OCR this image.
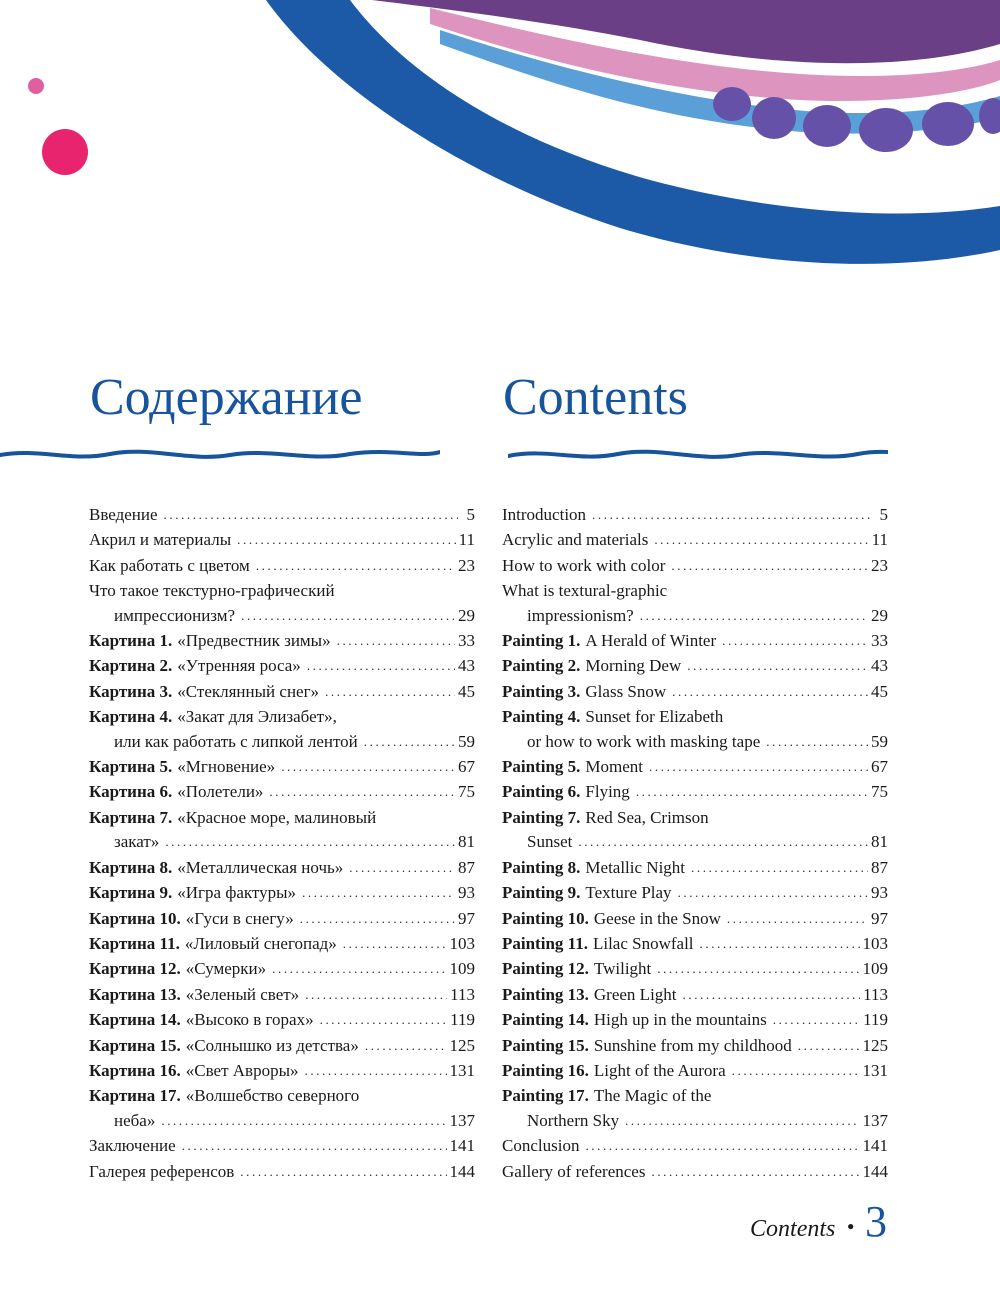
Содержание	Contents
Введение .....	5
Акрил и материалы .....	11
Как работать с цветом .....	23
Что такое текстурно-графический
импрессионизм? .....	29
Картина 1. «Предвестник зимы» .....	33
Картина 2. «Утренняя роса» .....	43
Картина 3. «Стеклянный снег» .....	45
Картина 4. «Закат для Элизабет»,
или как работать с липкой лентой .....	59
Картина 5. «Мгновение» .....	67
Картина 6. «Полетели» .....	75
Картина 7. «Красное море, малиновый
закат» .....	81
Картина 8. «Металлическая ночь» .....	87
Картина 9. «Игра фактуры» .....	93
Картина 10. «Гуси в снегу» .....	97
Картина 11. «Лиловый снегопад» .....	103
Картина 12. «Сумерки» .....	109
Картина 13. «Зеленый свет» .....	113
Картина 14. «Высоко в горах» .....	119
Картина 15. «Солнышко из детства» .....	125
Картина 16. «Свет Авроры» .....	131
Картина 17. «Волшебство северного
неба» .....	137
Заключение .....	141
Галерея референсов .....	144
Introduction .....	5
Acrylic and materials .....	11
How to work with color .....	23
What is textural-graphic
impressionism? .....	29
Painting 1. A Herald of Winter .....	33
Painting 2. Morning Dew .....	43
Painting 3. Glass Snow .....	45
Painting 4. Sunset for Elizabeth
or how to work with masking tape .....	59
Painting 5. Moment .....	67
Painting 6. Flying .....	75
Painting 7. Red Sea, Crimson
Sunset .....	81
Painting 8. Metallic Night .....	87
Painting 9. Texture Play .....	93
Painting 10. Geese in the Snow .....	97
Painting 11. Lilac Snowfall .....	103
Painting 12. Twilight .....	109
Painting 13. Green Light .....	113
Painting 14. High up in the mountains .....	119
Painting 15. Sunshine from my childhood .....	125
Painting 16. Light of the Aurora .....	131
Painting 17. The Magic of the
Northern Sky .....	137
Conclusion .....	141
Gallery of references .....	144
Contents • 3
